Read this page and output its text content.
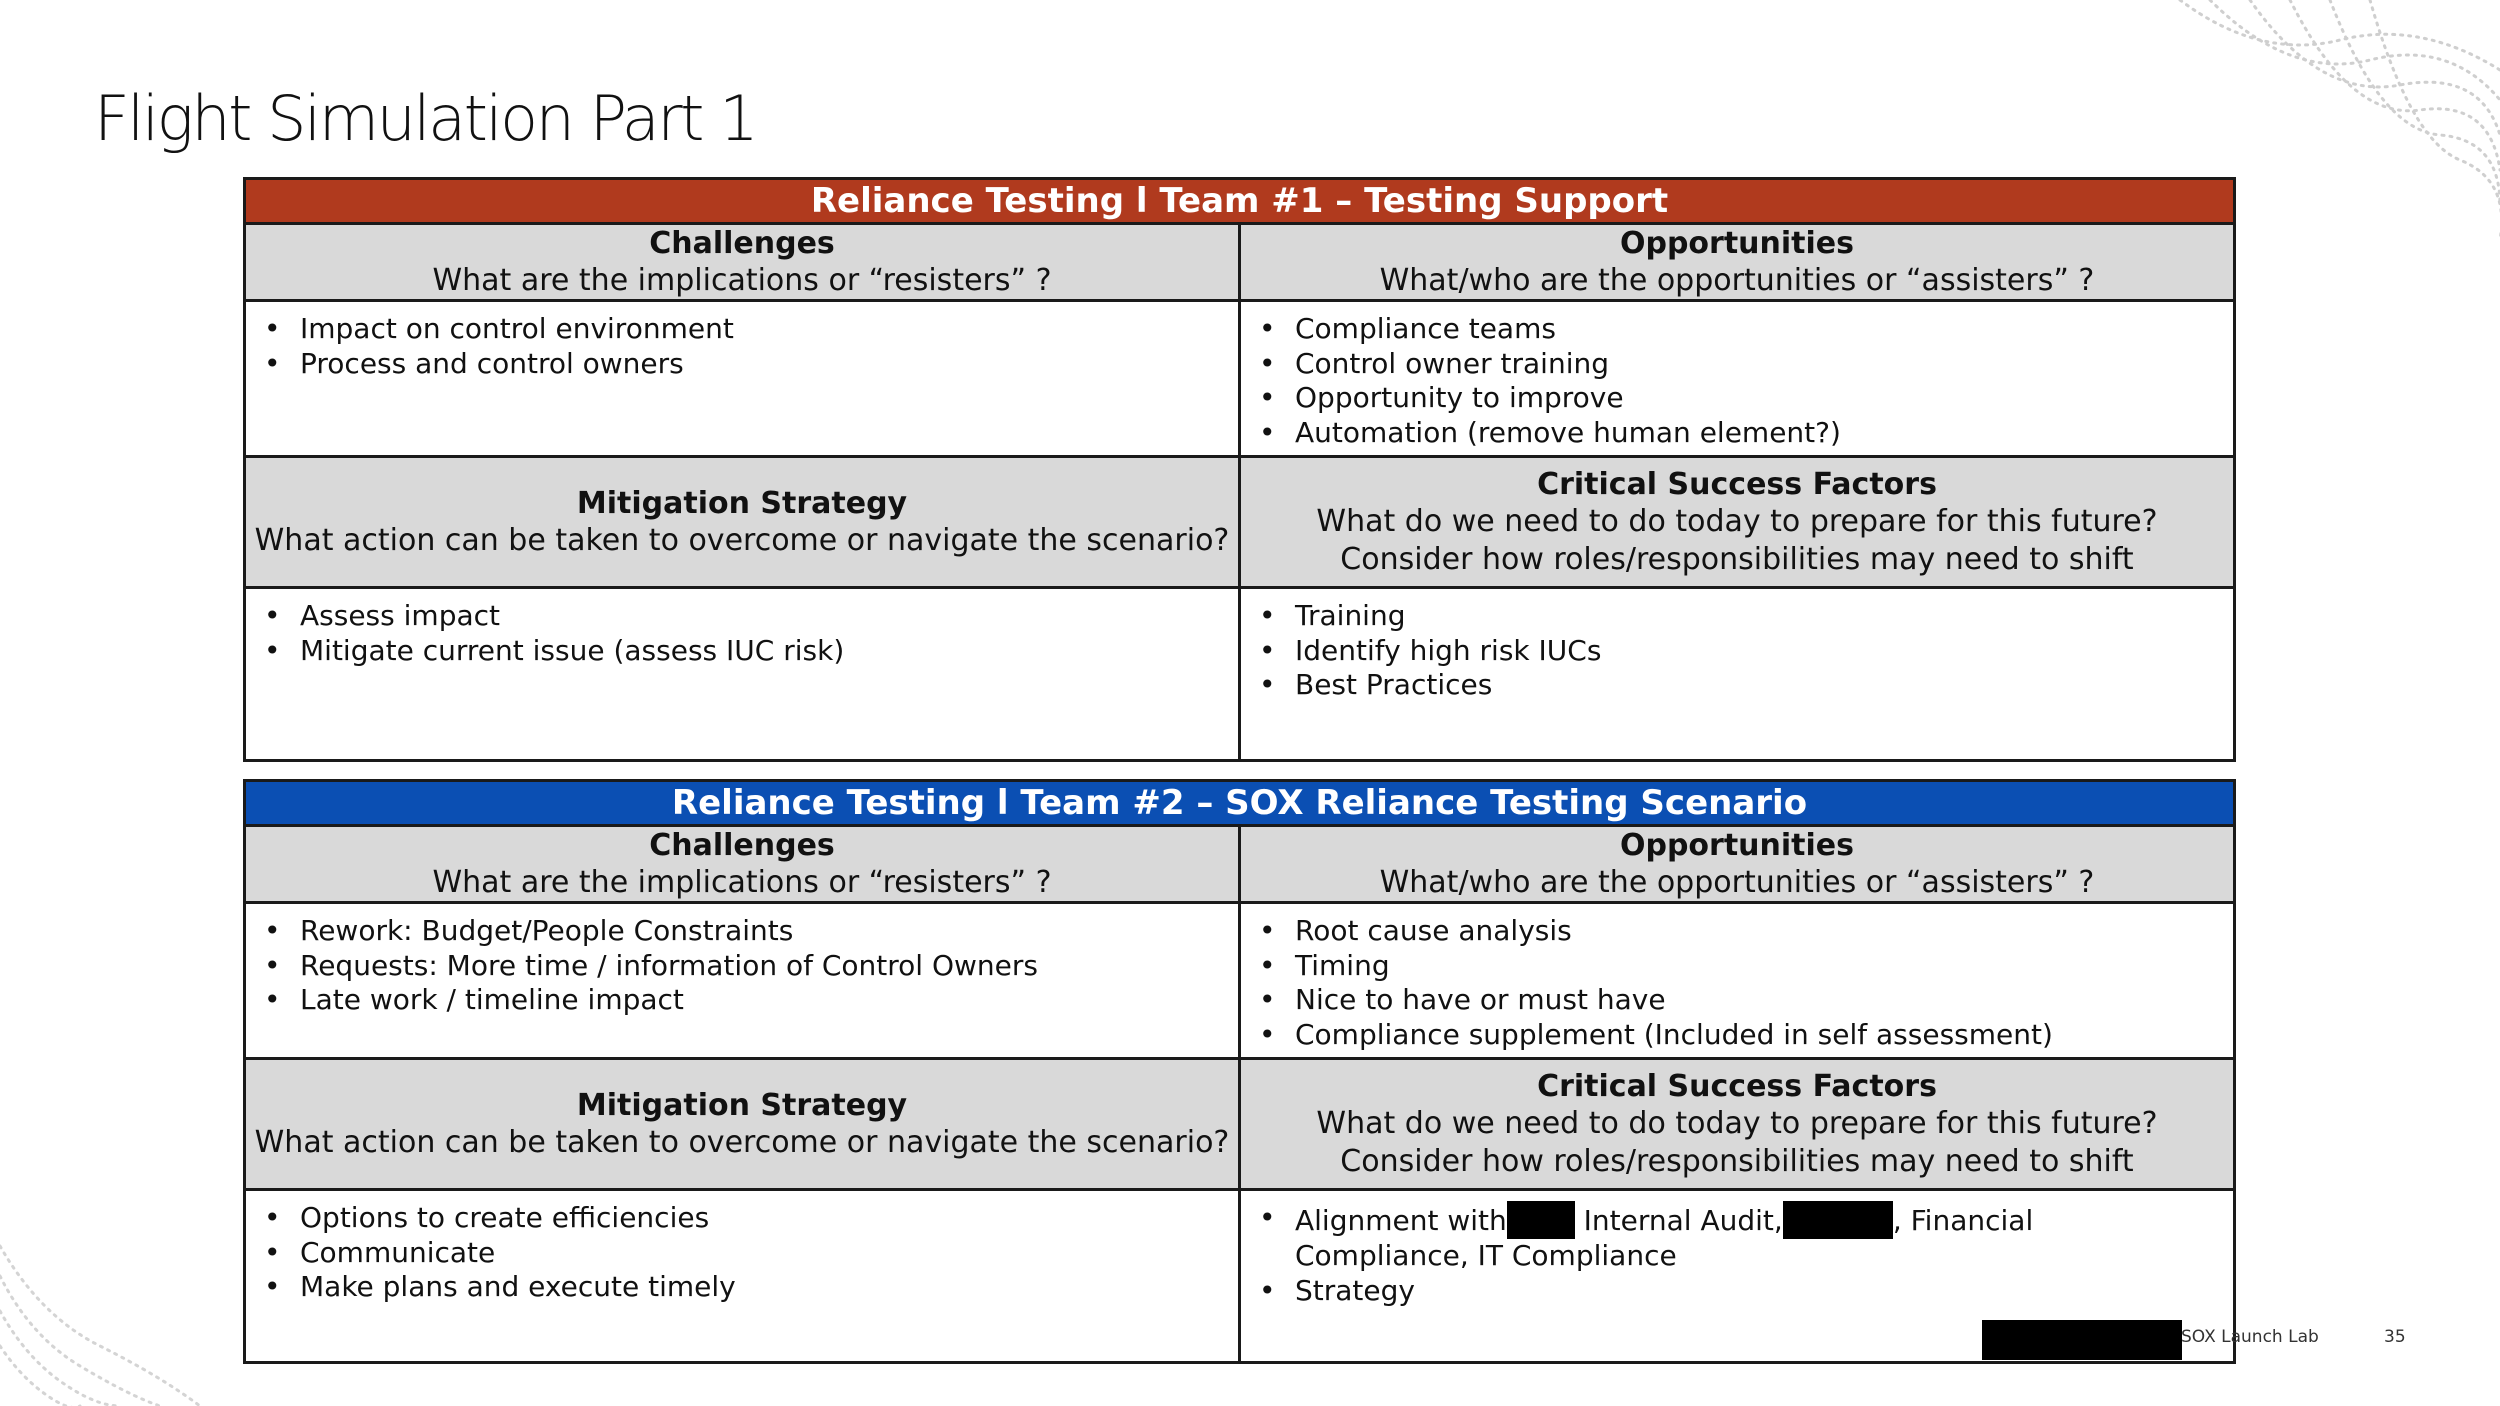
Flight Simulation Part 1
Reliance Testing l Team #1 – Testing Support
Challenges
What are the implications or “resisters” ?
Opportunities
What/who are the opportunities or “assisters” ?
• Impact on control environment
• Process and control owners
• Compliance teams
• Control owner training
• Opportunity to improve
• Automation (remove human element?)
Mitigation Strategy
What action can be taken to overcome or navigate the scenario?
Critical Success Factors
What do we need to do today to prepare for this future?
Consider how roles/responsibilities may need to shift
• Assess impact
• Mitigate current issue (assess IUC risk)
• Training
• Identify high risk IUCs
• Best Practices
Reliance Testing l Team #2 – SOX Reliance Testing Scenario
Challenges
What are the implications or “resisters” ?
Opportunities
What/who are the opportunities or “assisters” ?
• Rework: Budget/People Constraints
• Requests: More time / information of Control Owners
• Late work / timeline impact
• Root cause analysis
• Timing
• Nice to have or must have
• Compliance supplement (Included in self assessment)
Mitigation Strategy
What action can be taken to overcome or navigate the scenario?
Critical Success Factors
What do we need to do today to prepare for this future?
Consider how roles/responsibilities may need to shift
• Options to create efficiencies
• Communicate
• Make plans and execute timely
• Alignment with Internal Audit,	, Financial Compliance, IT Compliance
• Strategy
SOX Launch Lab	35
